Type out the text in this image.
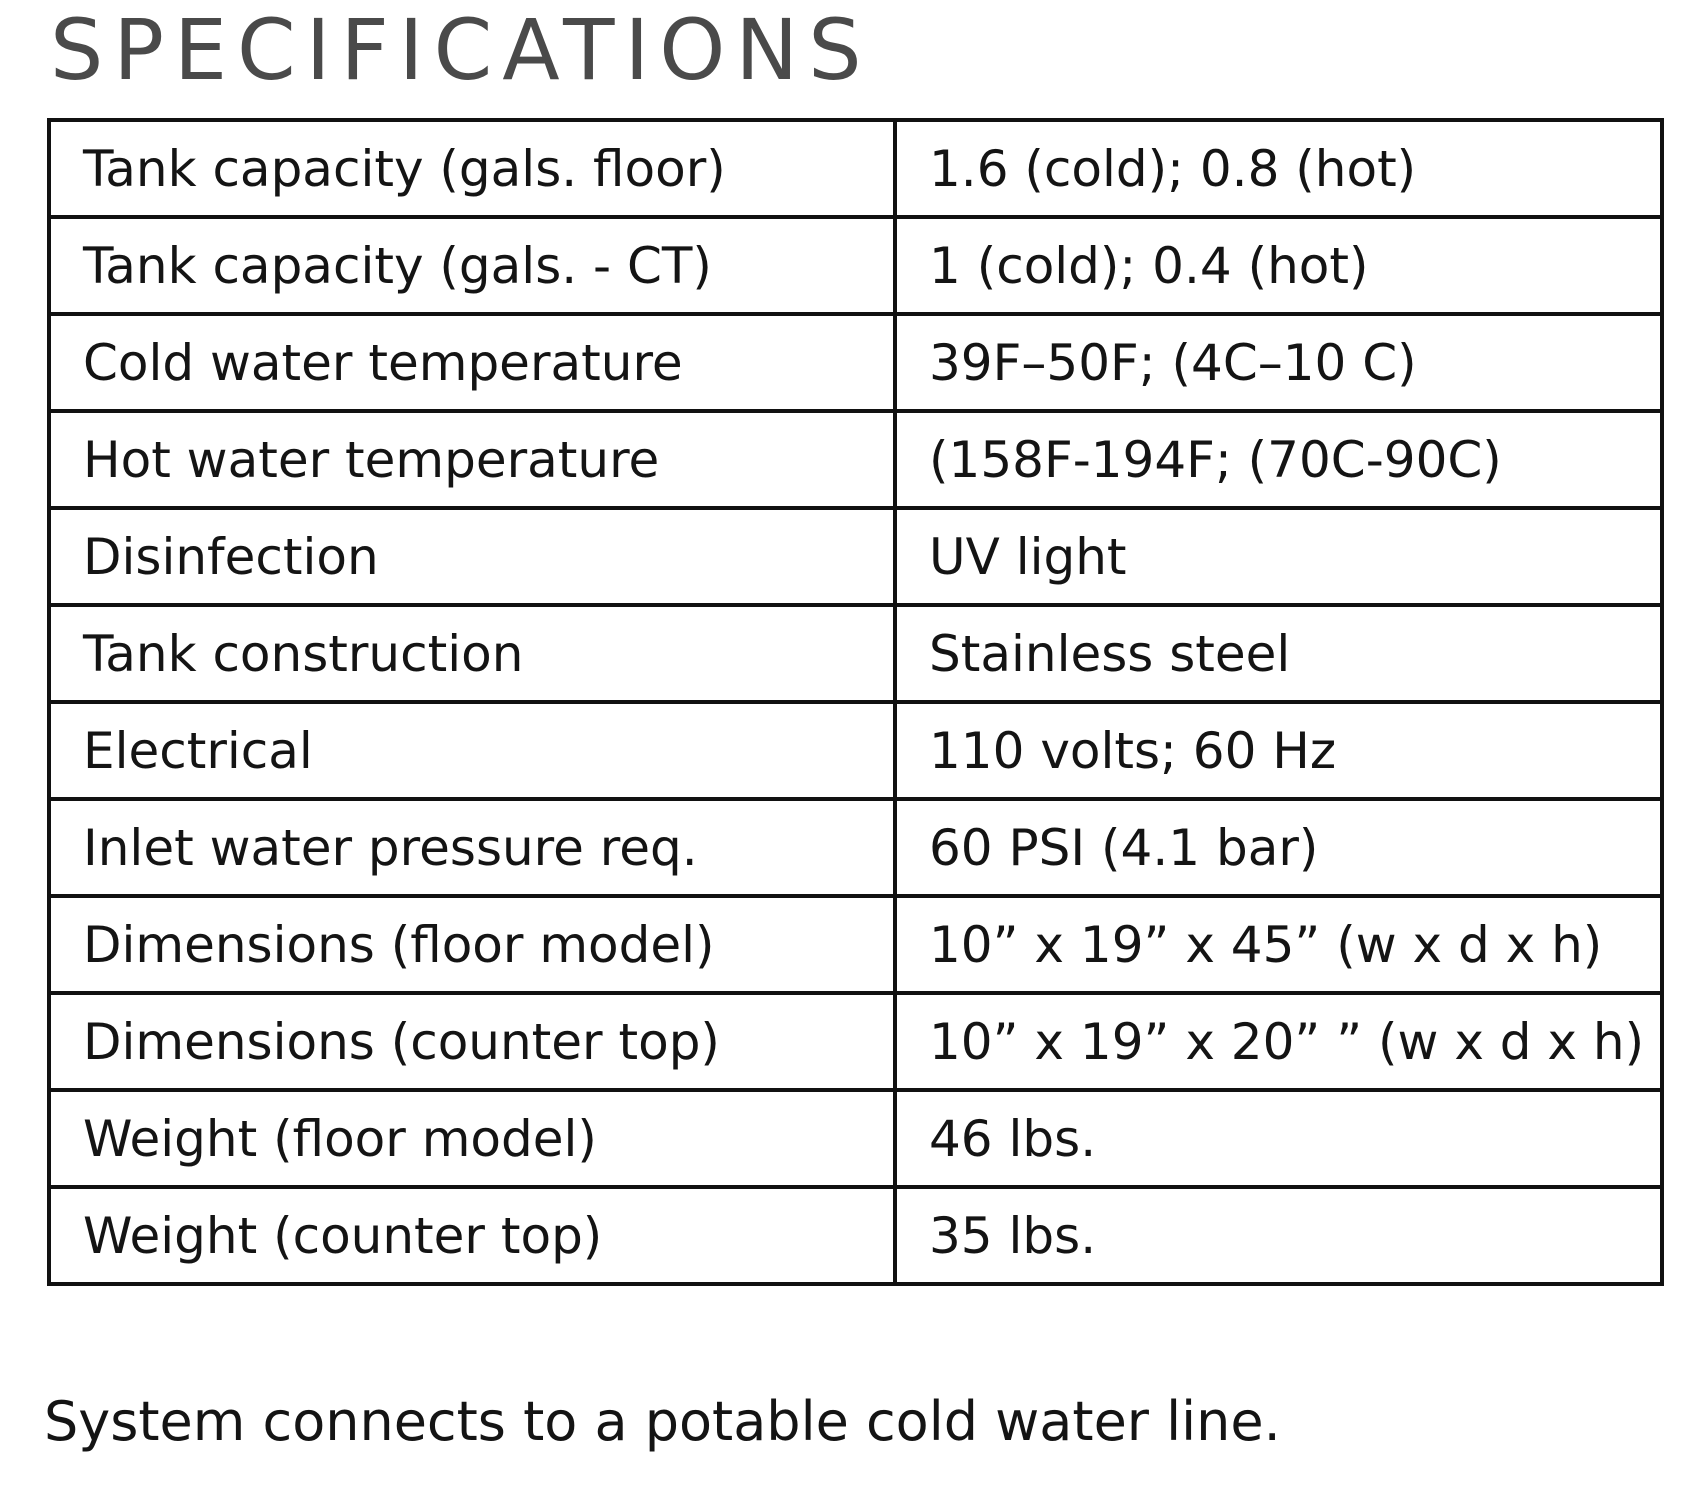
SPECIFICATIONS
Tank capacity (gals. floor)	1.6 (cold); 0.8 (hot)
Tank capacity (gals. - CT)	1 (cold); 0.4 (hot)
Cold water temperature	39F–50F; (4C–10 C)
Hot water temperature	(158F-194F; (70C-90C)
Disinfection	UV light
Tank construction	Stainless steel
Electrical	110 volts; 60 Hz
Inlet water pressure req.	60 PSI (4.1 bar)
Dimensions (floor model)	10” x 19” x 45” (w x d x h)
Dimensions (counter top)	10” x 19” x 20” ” (w x d x h)
Weight (floor model)	46 lbs.
Weight (counter top)	35 lbs.

System connects to a potable cold water line.
